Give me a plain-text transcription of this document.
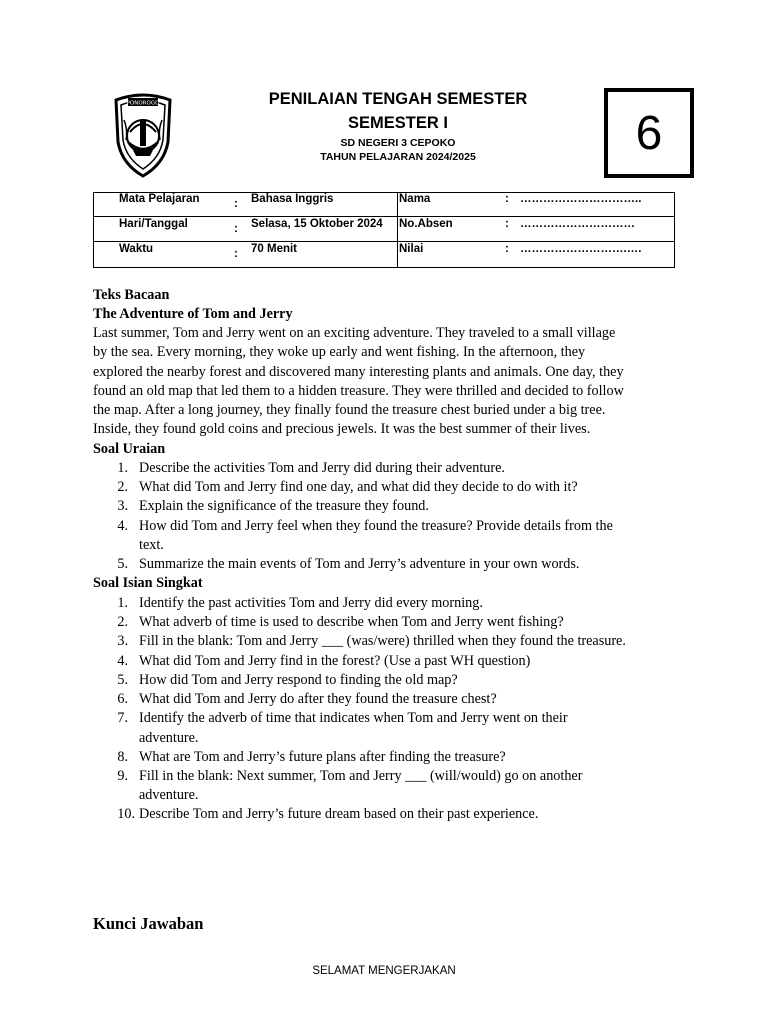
PONOROGO	PENILAIAN TENGAH SEMESTER
SEMESTER I
SD NEGERI 3 CEPOKO
TAHUN PELAJARAN 2024/2025	6
Mata Pelajaran	: Bahasa Inggris	Nama	: …………………………..
Hari/Tanggal	: Selasa, 15 Oktober 2024 No.Absen	: …………………………
Waktu	: 70 Menit	Nilai	: ……………………….….
Teks Bacaan
The Adventure of Tom and Jerry
Last summer, Tom and Jerry went on an exciting adventure. They traveled to a small village
by the sea. Every morning, they woke up early and went fishing. In the afternoon, they
explored the nearby forest and discovered many interesting plants and animals. One day, they
found an old map that led them to a hidden treasure. They were thrilled and decided to follow
the map. After a long journey, they finally found the treasure chest buried under a big tree.
Inside, they found gold coins and precious jewels. It was the best summer of their lives.
Soal Uraian
1. Describe the activities Tom and Jerry did during their adventure.
2. What did Tom and Jerry find one day, and what did they decide to do with it?
3. Explain the significance of the treasure they found.
4. How did Tom and Jerry feel when they found the treasure? Provide details from the
text.
5. Summarize the main events of Tom and Jerry’s adventure in your own words.
Soal Isian Singkat
1. Identify the past activities Tom and Jerry did every morning.
2. What adverb of time is used to describe when Tom and Jerry went fishing?
3. Fill in the blank: Tom and Jerry ___ (was/were) thrilled when they found the treasure.
4. What did Tom and Jerry find in the forest? (Use a past WH question)
5. How did Tom and Jerry respond to finding the old map?
6. What did Tom and Jerry do after they found the treasure chest?
7. Identify the adverb of time that indicates when Tom and Jerry went on their
adventure.
8. What are Tom and Jerry’s future plans after finding the treasure?
9. Fill in the blank: Next summer, Tom and Jerry ___ (will/would) go on another
adventure.
10. Describe Tom and Jerry’s future dream based on their past experience.
Kunci Jawaban
SELAMAT MENGERJAKAN
